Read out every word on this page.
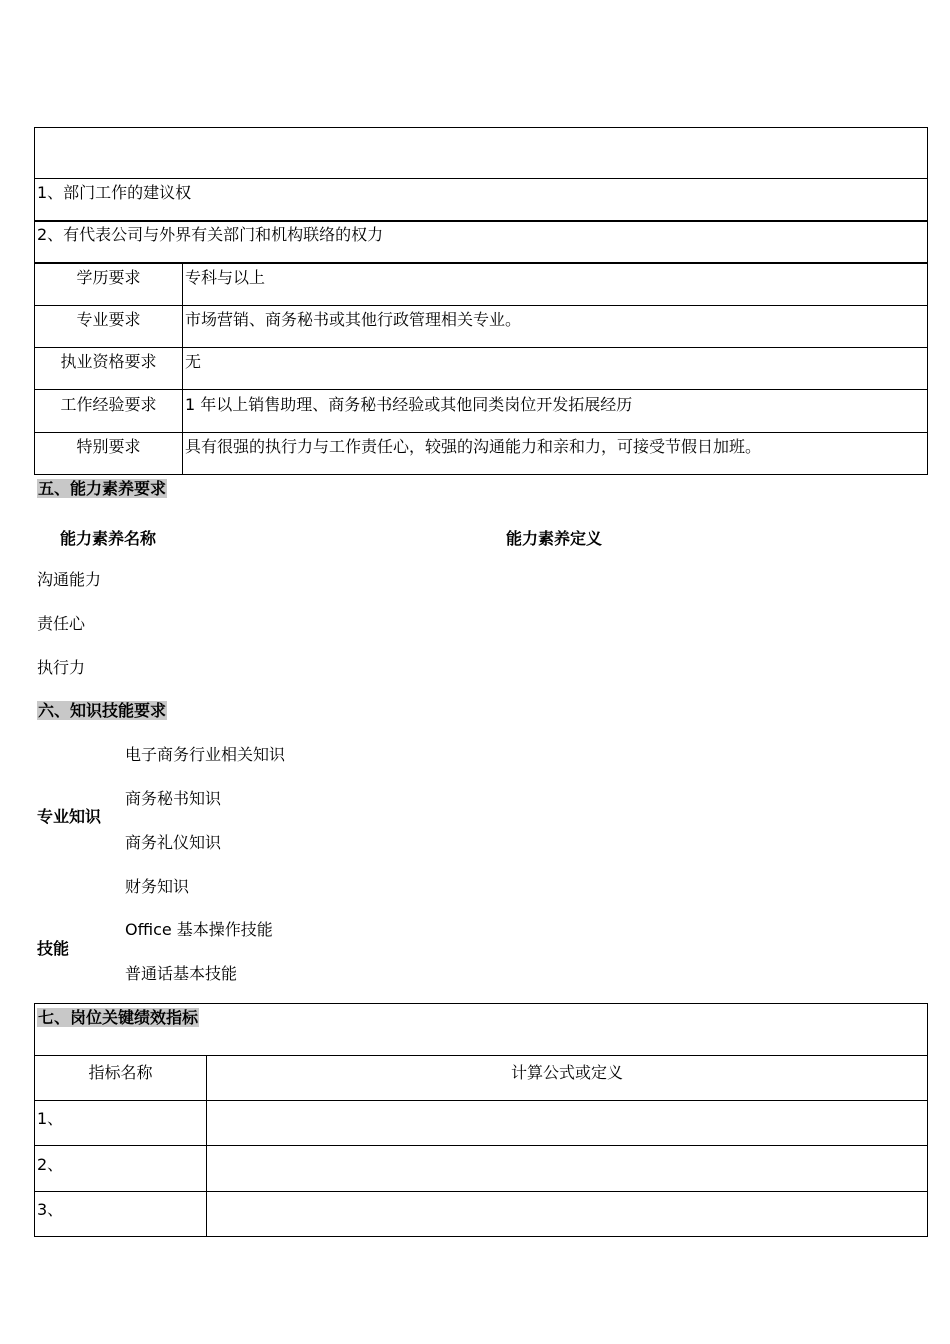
1、部门工作的建议权
2、有代表公司与外界有关部门和机构联络的权力
学历要求	专科与以上
专业要求	市场营销、商务秘书或其他行政管理相关专业。
执业资格要求	无
工作经验要求	1 年以上销售助理、商务秘书经验或其他同类岗位开发拓展经历
特别要求	具有很强的执行力与工作责任心，较强的沟通能力和亲和力，可接受节假日加班。
五、能力素养要求
能力素养名称	能力素养定义
沟通能力
责任心
执行力
六、知识技能要求
专业知识
电子商务行业相关知识
商务秘书知识
商务礼仪知识
财务知识
技能
Office 基本操作技能
普通话基本技能
七、岗位关键绩效指标
指标名称	计算公式或定义
1、
2、
3、
